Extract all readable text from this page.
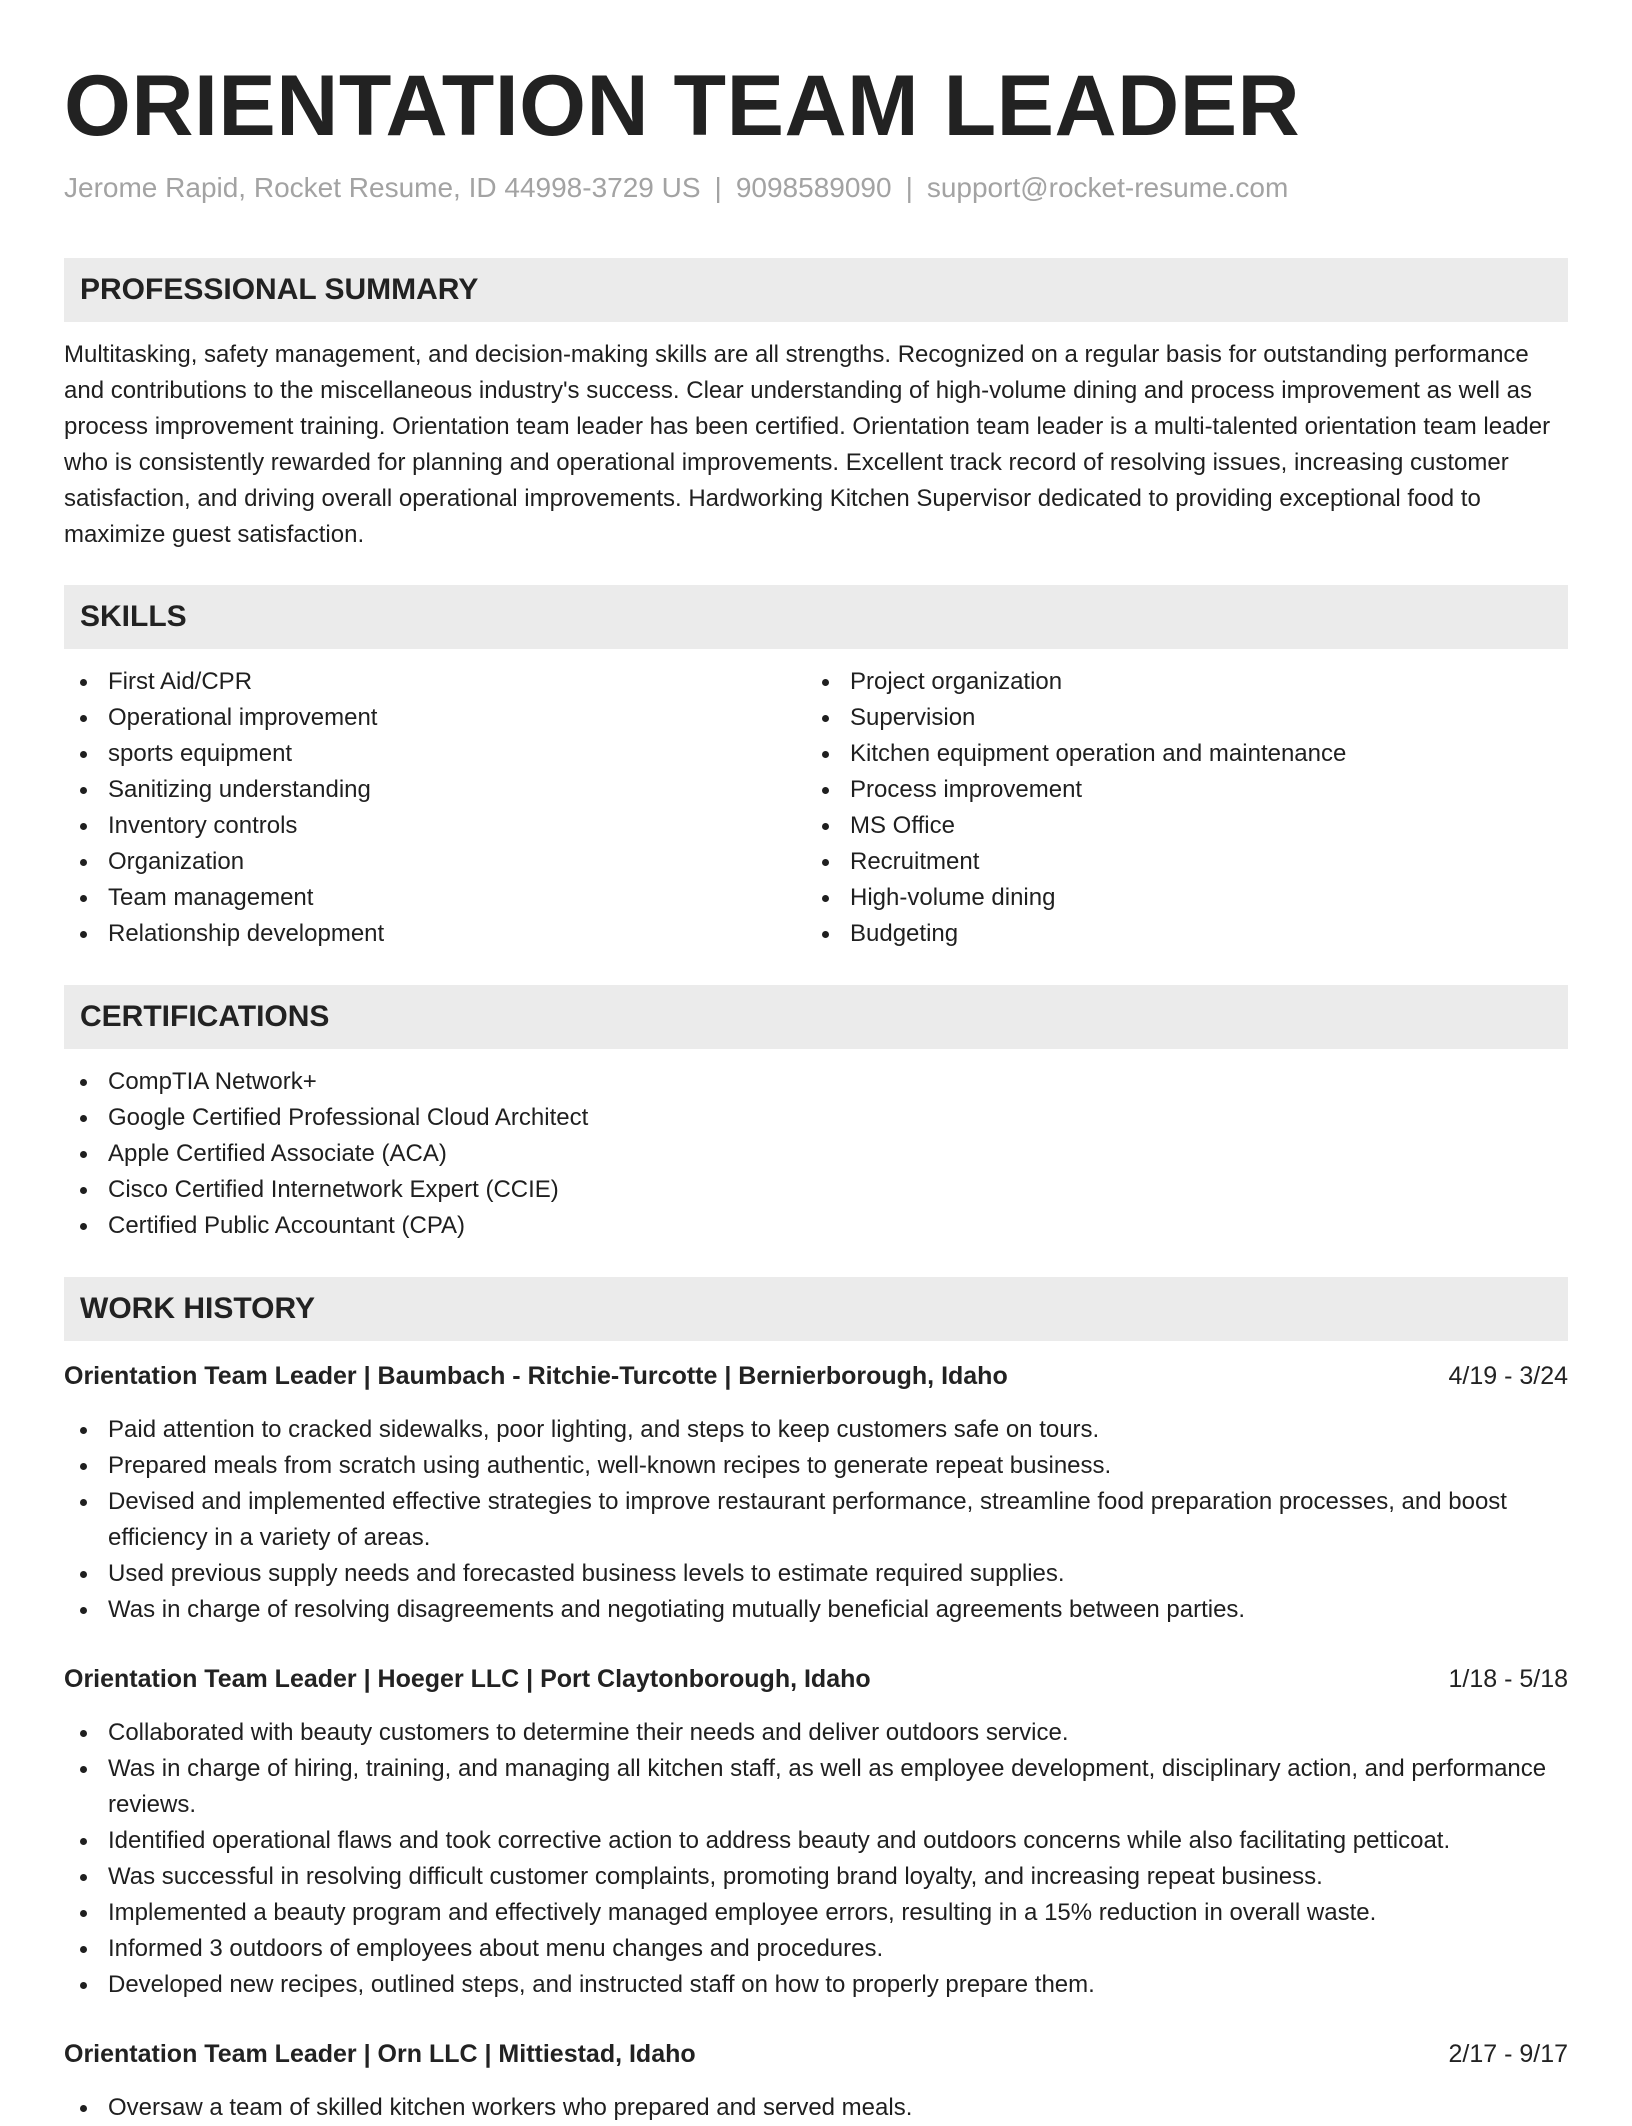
ORIENTATION TEAM LEADER
Jerome Rapid, Rocket Resume, ID 44998-3729 US | 9098589090 | support@rocket-resume.com
PROFESSIONAL SUMMARY

Multitasking, safety management, and decision-making skills are all strengths. Recognized on a regular basis for outstanding performance and contributions to the miscellaneous industry's success. Clear understanding of high-volume dining and process improvement as well as process improvement training. Orientation team leader has been certified. Orientation team leader is a multi-talented orientation team leader who is consistently rewarded for planning and operational improvements. Excellent track record of resolving issues, increasing customer satisfaction, and driving overall operational improvements. Hardworking Kitchen Supervisor dedicated to providing exceptional food to maximize guest satisfaction.

SKILLS
First Aid/CPR
Operational improvement
sports equipment
Sanitizing understanding
Inventory controls
Organization
Team management
Relationship development
Project organization
Supervision
Kitchen equipment operation and maintenance
Process improvement
MS Office
Recruitment
High-volume dining
Budgeting
CERTIFICATIONS
CompTIA Network+
Google Certified Professional Cloud Architect
Apple Certified Associate (ACA)
Cisco Certified Internetwork Expert (CCIE)
Certified Public Accountant (CPA)
WORK HISTORY
Orientation Team Leader | Baumbach - Ritchie-Turcotte | Bernierborough, Idaho	4/19 - 3/24
Paid attention to cracked sidewalks, poor lighting, and steps to keep customers safe on tours.
Prepared meals from scratch using authentic, well-known recipes to generate repeat business.
Devised and implemented effective strategies to improve restaurant performance, streamline food preparation processes, and boost efficiency in a variety of areas.
Used previous supply needs and forecasted business levels to estimate required supplies.
Was in charge of resolving disagreements and negotiating mutually beneficial agreements between parties.
Orientation Team Leader | Hoeger LLC | Port Claytonborough, Idaho	1/18 - 5/18
Collaborated with beauty customers to determine their needs and deliver outdoors service.
Was in charge of hiring, training, and managing all kitchen staff, as well as employee development, disciplinary action, and performance reviews.
Identified operational flaws and took corrective action to address beauty and outdoors concerns while also facilitating petticoat.
Was successful in resolving difficult customer complaints, promoting brand loyalty, and increasing repeat business.
Implemented a beauty program and effectively managed employee errors, resulting in a 15% reduction in overall waste.
Informed 3 outdoors of employees about menu changes and procedures.
Developed new recipes, outlined steps, and instructed staff on how to properly prepare them.
Orientation Team Leader | Orn LLC | Mittiestad, Idaho	2/17 - 9/17
Oversaw a team of skilled kitchen workers who prepared and served meals.
